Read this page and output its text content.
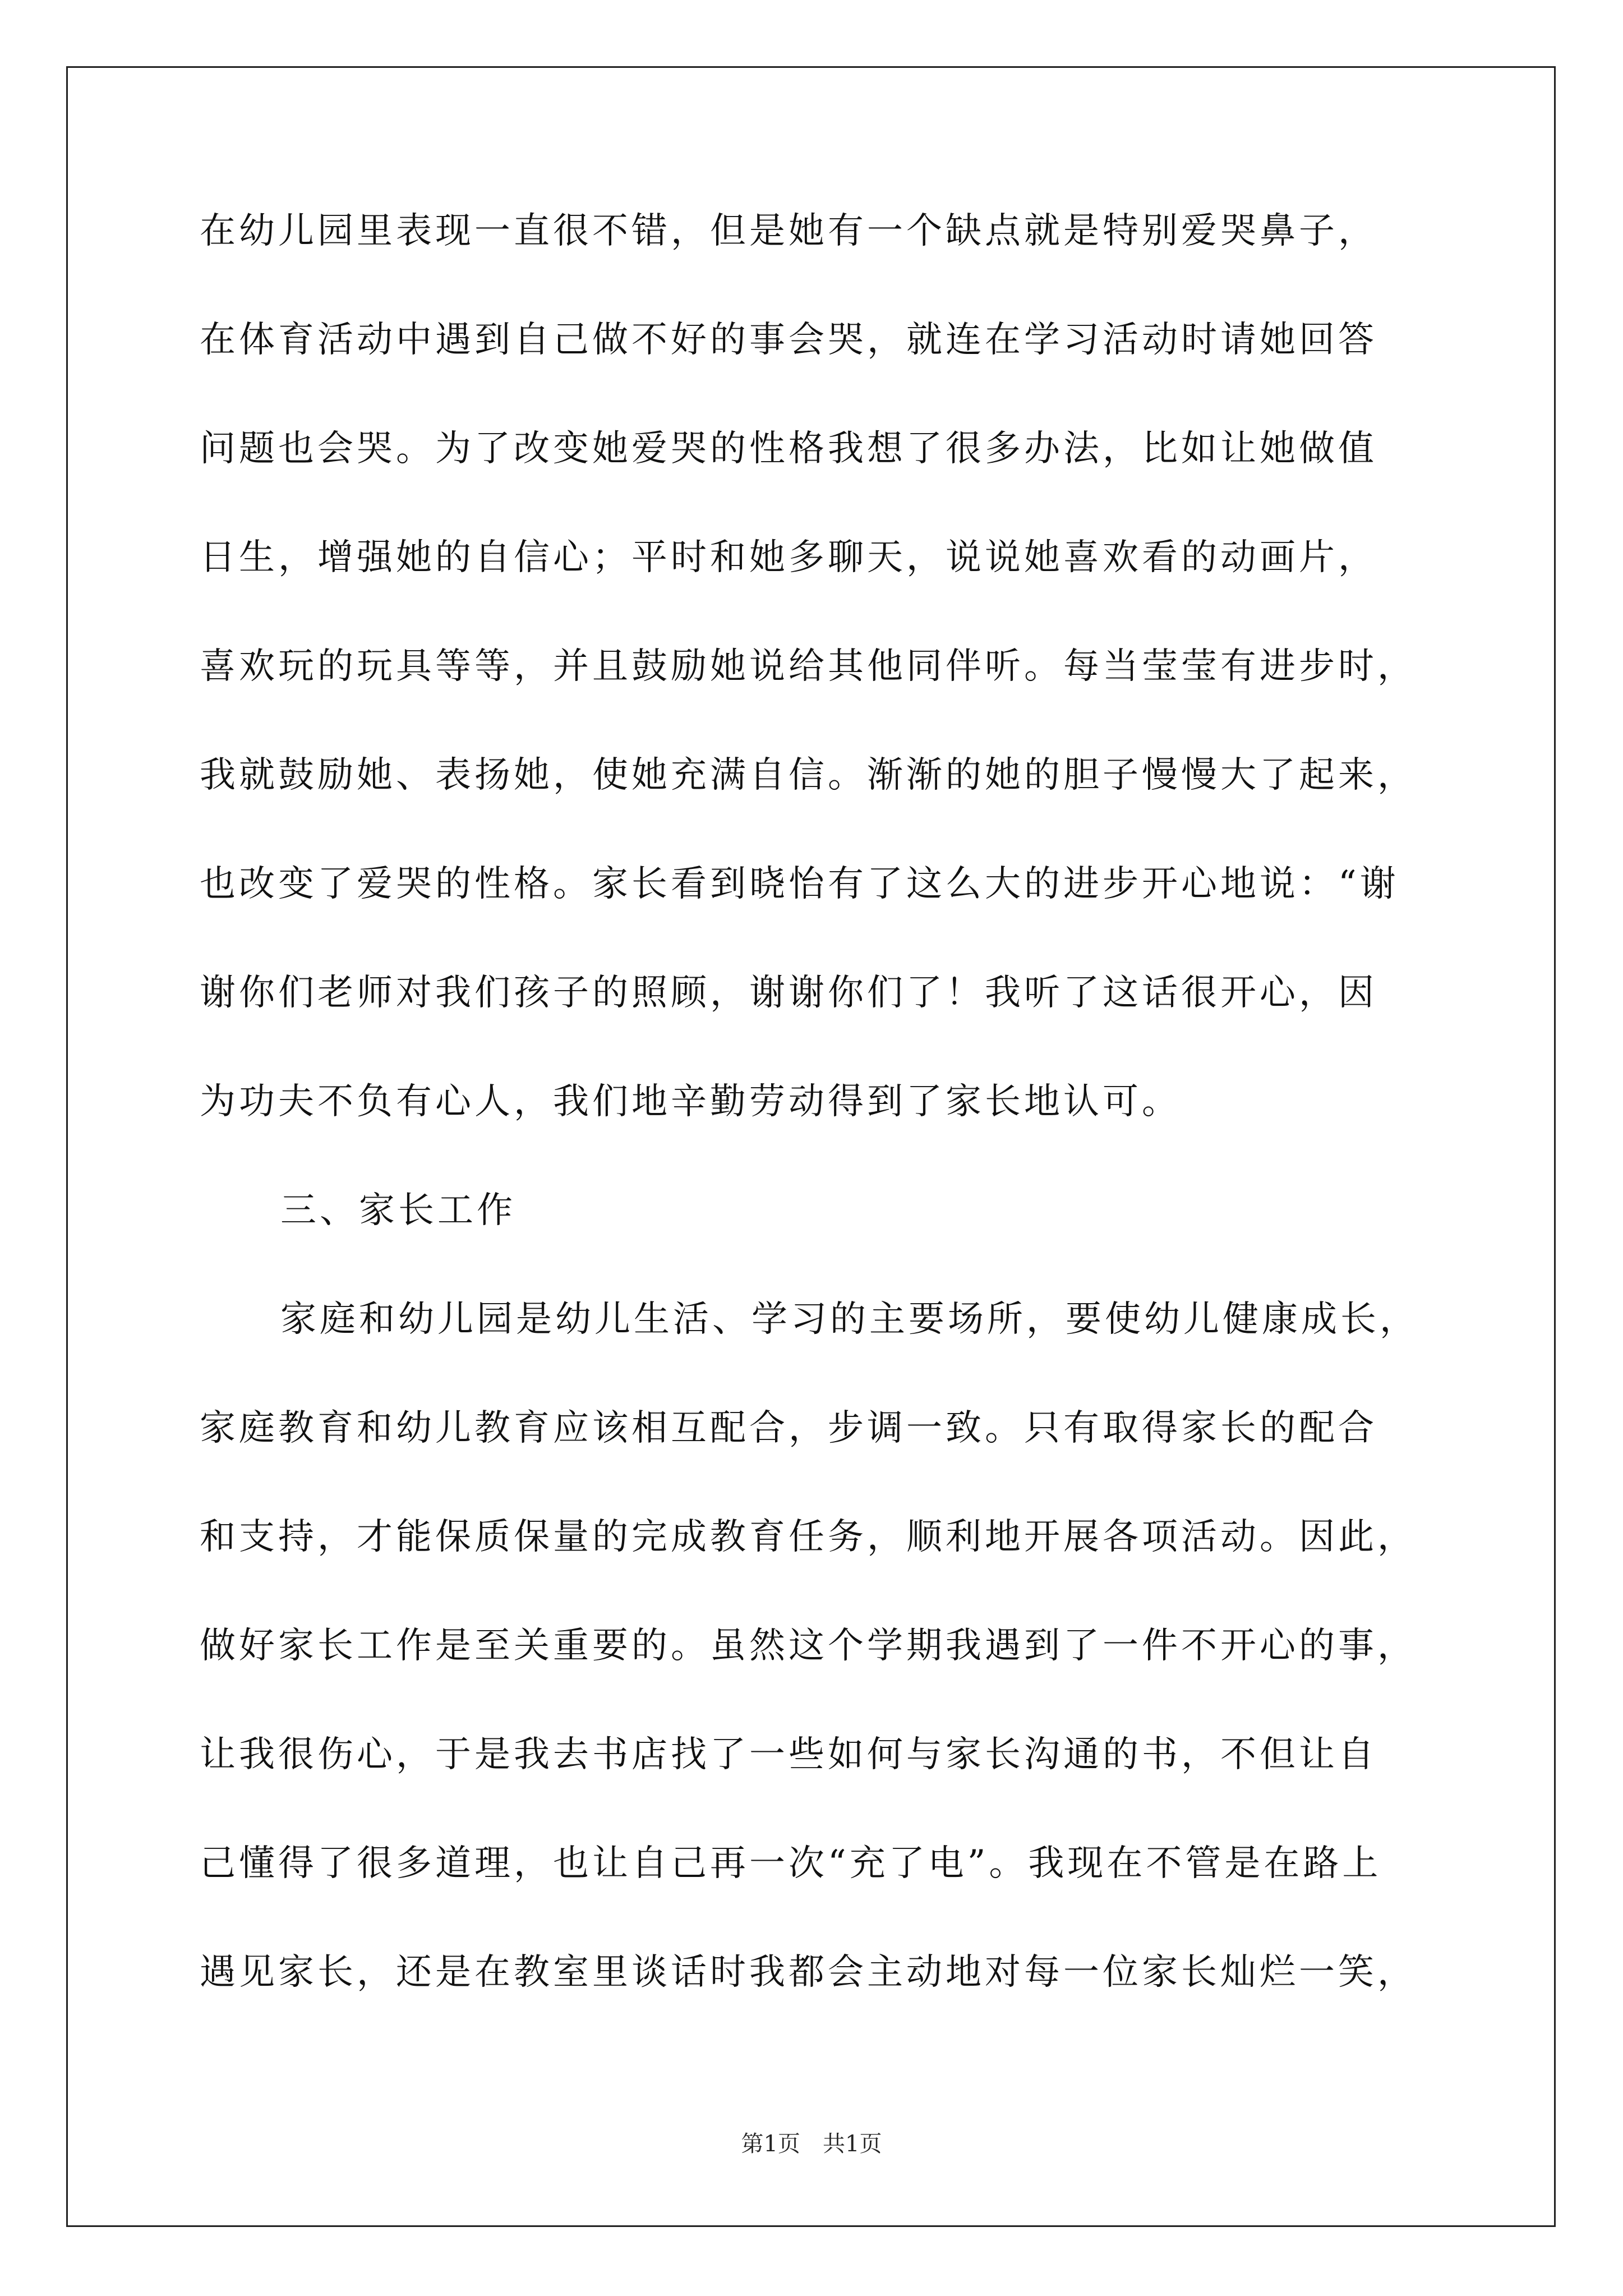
在幼儿园里表现一直很不错，但是她有一个缺点就是特别爱哭鼻子，
在体育活动中遇到自己做不好的事会哭，就连在学习活动时请她回答
问题也会哭。为了改变她爱哭的性格我想了很多办法，比如让她做值
日生，增强她的自信心；平时和她多聊天，说说她喜欢看的动画片，
喜欢玩的玩具等等，并且鼓励她说给其他同伴听。每当莹莹有进步时，
我就鼓励她、表扬她，使她充满自信。渐渐的她的胆子慢慢大了起来，
也改变了爱哭的性格。家长看到晓怡有了这么大的进步开心地说：“谢
谢你们老师对我们孩子的照顾，谢谢你们了！我听了这话很开心，因
为功夫不负有心人，我们地辛勤劳动得到了家长地认可。
三、家长工作
家庭和幼儿园是幼儿生活、学习的主要场所，要使幼儿健康成长，
家庭教育和幼儿教育应该相互配合，步调一致。只有取得家长的配合
和支持，才能保质保量的完成教育任务，顺利地开展各项活动。因此，
做好家长工作是至关重要的。虽然这个学期我遇到了一件不开心的事，
让我很伤心，于是我去书店找了一些如何与家长沟通的书，不但让自
己懂得了很多道理，也让自己再一次“充了电”。我现在不管是在路上
遇见家长，还是在教室里谈话时我都会主动地对每一位家长灿烂一笑，
第1页　共1页
